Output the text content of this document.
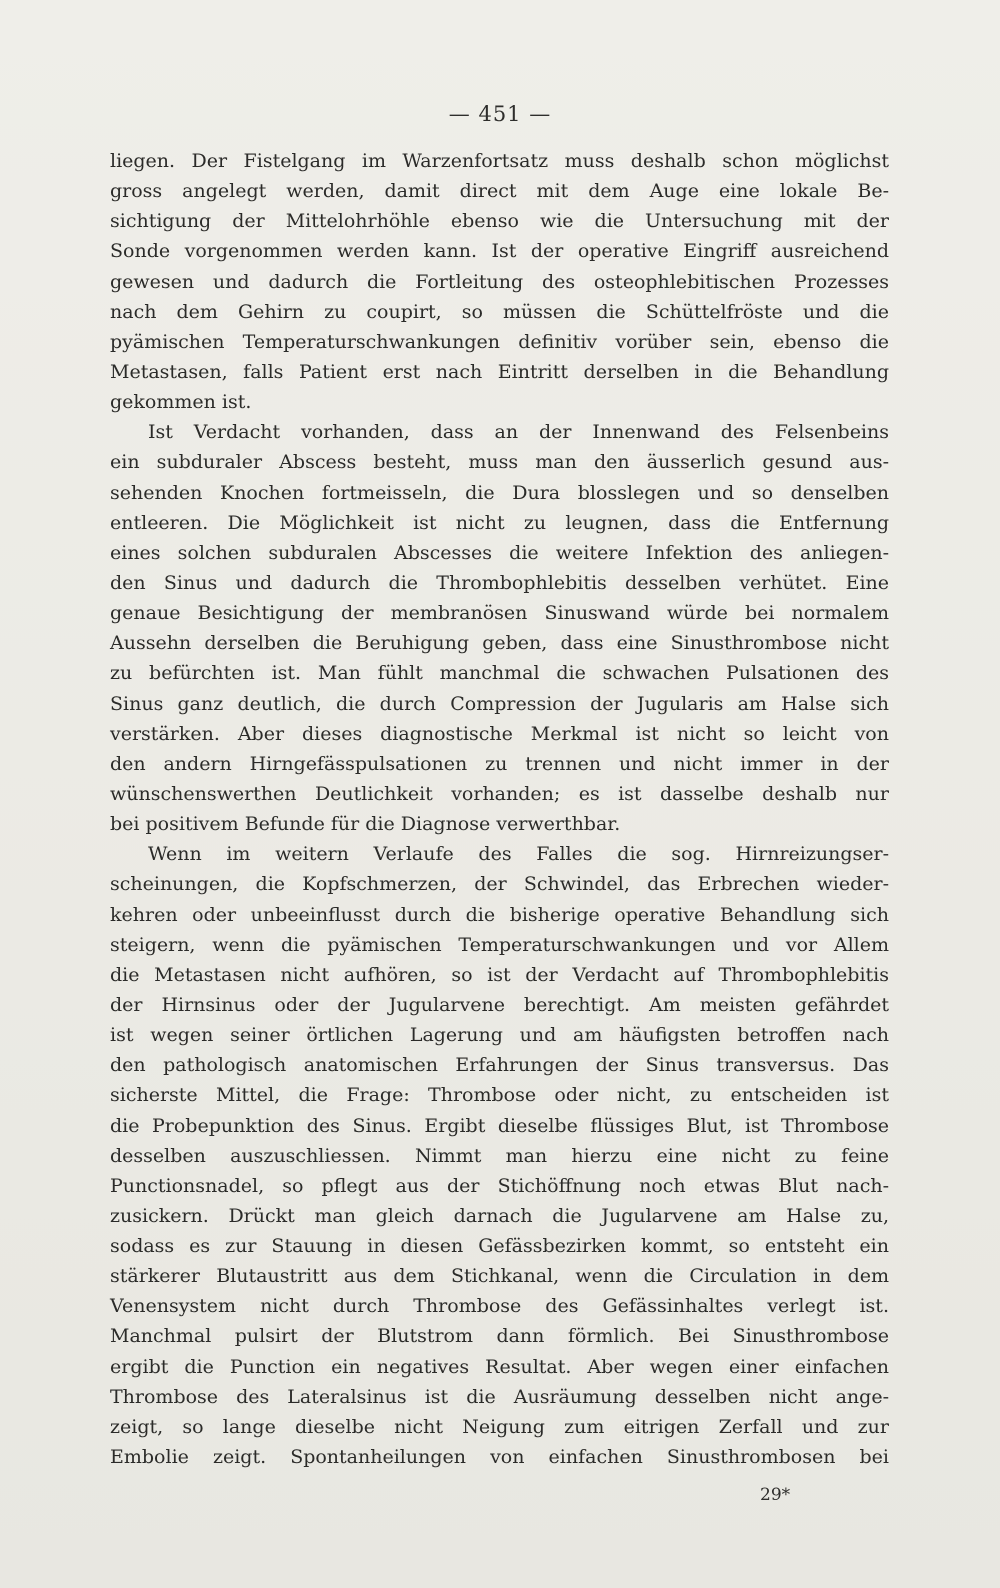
— 451 —
liegen. Der Fistelgang im Warzenfortsatz muss deshalb schon möglichst
gross angelegt werden, damit direct mit dem Auge eine lokale Be-
sichtigung der Mittelohrhöhle ebenso wie die Untersuchung mit der
Sonde vorgenommen werden kann. Ist der operative Eingriff ausreichend
gewesen und dadurch die Fortleitung des osteophlebitischen Prozesses
nach dem Gehirn zu coupirt, so müssen die Schüttelfröste und die
pyämischen Temperaturschwankungen definitiv vorüber sein, ebenso die
Metastasen, falls Patient erst nach Eintritt derselben in die Behandlung
gekommen ist.
Ist Verdacht vorhanden, dass an der Innenwand des Felsenbeins
ein subduraler Abscess besteht, muss man den äusserlich gesund aus-
sehenden Knochen fortmeisseln, die Dura blosslegen und so denselben
entleeren. Die Möglichkeit ist nicht zu leugnen, dass die Entfernung
eines solchen subduralen Abscesses die weitere Infektion des anliegen-
den Sinus und dadurch die Thrombophlebitis desselben verhütet. Eine
genaue Besichtigung der membranösen Sinuswand würde bei normalem
Aussehn derselben die Beruhigung geben, dass eine Sinusthrombose nicht
zu befürchten ist. Man fühlt manchmal die schwachen Pulsationen des
Sinus ganz deutlich, die durch Compression der Jugularis am Halse sich
verstärken. Aber dieses diagnostische Merkmal ist nicht so leicht von
den andern Hirngefässpulsationen zu trennen und nicht immer in der
wünschenswerthen Deutlichkeit vorhanden; es ist dasselbe deshalb nur
bei positivem Befunde für die Diagnose verwerthbar.
Wenn im weitern Verlaufe des Falles die sog. Hirnreizungser-
scheinungen, die Kopfschmerzen, der Schwindel, das Erbrechen wieder-
kehren oder unbeeinflusst durch die bisherige operative Behandlung sich
steigern, wenn die pyämischen Temperaturschwankungen und vor Allem
die Metastasen nicht aufhören, so ist der Verdacht auf Thrombophlebitis
der Hirnsinus oder der Jugularvene berechtigt. Am meisten gefährdet
ist wegen seiner örtlichen Lagerung und am häufigsten betroffen nach
den pathologisch anatomischen Erfahrungen der Sinus transversus. Das
sicherste Mittel, die Frage: Thrombose oder nicht, zu entscheiden ist
die Probepunktion des Sinus. Ergibt dieselbe flüssiges Blut, ist Thrombose
desselben auszuschliessen. Nimmt man hierzu eine nicht zu feine
Punctionsnadel, so pflegt aus der Stichöffnung noch etwas Blut nach-
zusickern. Drückt man gleich darnach die Jugularvene am Halse zu,
sodass es zur Stauung in diesen Gefässbezirken kommt, so entsteht ein
stärkerer Blutaustritt aus dem Stichkanal, wenn die Circulation in dem
Venensystem nicht durch Thrombose des Gefässinhaltes verlegt ist.
Manchmal pulsirt der Blutstrom dann förmlich. Bei Sinusthrombose
ergibt die Punction ein negatives Resultat. Aber wegen einer einfachen
Thrombose des Lateralsinus ist die Ausräumung desselben nicht ange-
zeigt, so lange dieselbe nicht Neigung zum eitrigen Zerfall und zur
Embolie zeigt. Spontanheilungen von einfachen Sinusthrombosen bei
29*
